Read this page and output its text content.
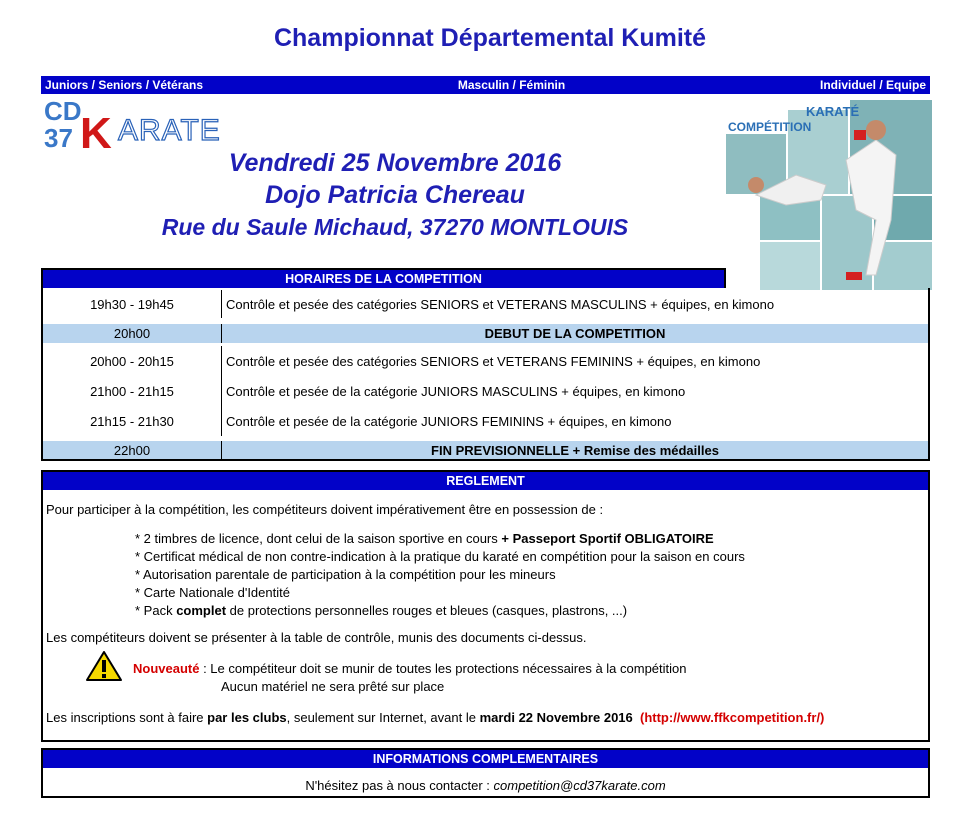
Championnat Départemental Kumité
Juniors / Seniors / Vétérans	Masculin / Féminin	Individuel / Equipe
CD
37 K ARATE
Vendredi 25 Novembre 2016
Dojo Patricia Chereau
Rue du Saule Michaud, 37270 MONTLOUIS
KARATÉ
COMPÉTITION
HORAIRES DE LA COMPETITION
19h30 - 19h45	Contrôle et pesée des catégories SENIORS et VETERANS MASCULINS + équipes, en kimono
20h00	DEBUT DE LA COMPETITION
20h00 - 20h15	Contrôle et pesée des catégories SENIORS et VETERANS FEMININS + équipes, en kimono
21h00 - 21h15	Contrôle et pesée de la catégorie JUNIORS MASCULINS + équipes, en kimono
21h15 - 21h30	Contrôle et pesée de la catégorie JUNIORS FEMININS + équipes, en kimono
22h00	FIN PREVISIONNELLE + Remise des médailles
REGLEMENT
Pour participer à la compétition, les compétiteurs doivent impérativement être en possession de :
* 2 timbres de licence, dont celui de la saison sportive en cours + Passeport Sportif OBLIGATOIRE
* Certificat médical de non contre-indication à la pratique du karaté en compétition pour la saison en cours
* Autorisation parentale de participation à la compétition pour les mineurs
* Carte Nationale d'Identité
* Pack complet de protections personnelles rouges et bleues (casques, plastrons, ...)
Les compétiteurs doivent se présenter à la table de contrôle, munis des documents ci-dessus.
Nouveauté : Le compétiteur doit se munir de toutes les protections nécessaires à la compétition
Aucun matériel ne sera prêté sur place
Les inscriptions sont à faire par les clubs, seulement sur Internet, avant le mardi 22 Novembre 2016 (http://www.ffkcompetition.fr/)
INFORMATIONS COMPLEMENTAIRES
N'hésitez pas à nous contacter : competition@cd37karate.com
